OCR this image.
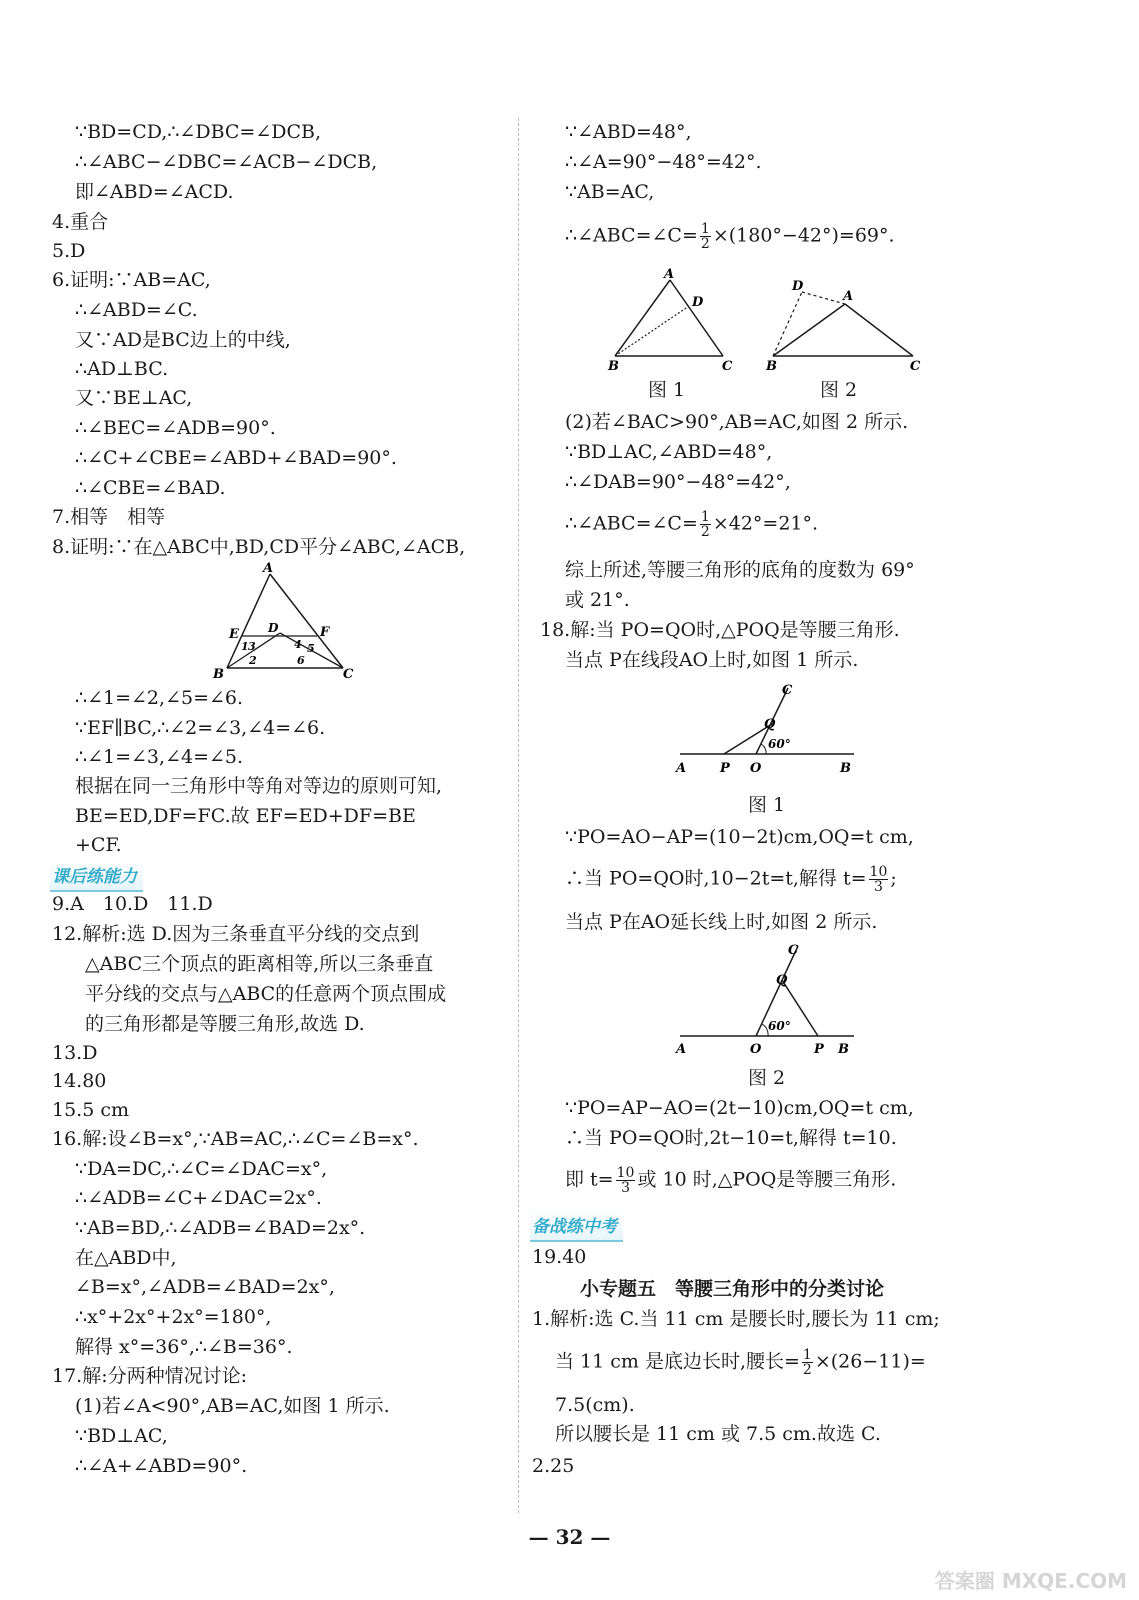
∵BD=CD,∴∠DBC=∠DCB,
∴∠ABC−∠DBC=∠ACB−∠DCB,
即∠ABD=∠ACD.
4.重合
5.D
6.证明:∵AB=AC,
∴∠ABD=∠C.
又∵AD是BC边上的中线,
∴AD⊥BC.
又∵BE⊥AC,
∴∠BEC=∠ADB=90°.
∴∠C+∠CBE=∠ABD+∠BAD=90°.
∴∠CBE=∠BAD.
7.相等　相等
8.证明:∵在△ABC中,BD,CD平分∠ABC,∠ACB,
A
B	C
E	F
D
1 3
2
4 5
6
∴∠1=∠2,∠5=∠6.
∵EF∥BC,∴∠2=∠3,∠4=∠6.
∴∠1=∠3,∠4=∠5.
根据在同一三角形中等角对等边的原则可知,
BE=ED,DF=FC.故 EF=ED+DF=BE
+CF.
课后练能力
9.A　10.D　11.D
12.解析:选 D.因为三条垂直平分线的交点到
△ABC三个顶点的距离相等,所以三条垂直
平分线的交点与△ABC的任意两个顶点围成
的三角形都是等腰三角形,故选 D.
13.D
14.80
15.5 cm
16.解:设∠B=x°,∵AB=AC,∴∠C=∠B=x°.
∵DA=DC,∴∠C=∠DAC=x°,
∴∠ADB=∠C+∠DAC=2x°.
∵AB=BD,∴∠ADB=∠BAD=2x°.
在△ABD中,
∠B=x°,∠ADB=∠BAD=2x°,
∴x°+2x°+2x°=180°,
解得 x°=36°,∴∠B=36°.
17.解:分两种情况讨论:
(1)若∠A<90°,AB=AC,如图 1 所示.
∵BD⊥AC,
∴∠A+∠ABD=90°.
∵∠ABD=48°,
∴∠A=90°−48°=42°.
∵AB=AC,
∴∠ABC=∠C= $\frac{1}{2} \times(180^\circ-42^\circ)=69^\circ$.
A
D
B	C
D
A
B	C
图 1	图 2
(2)若∠BAC>90°,AB=AC,如图 2 所示.
∵BD⊥AC,∠ABD=48°,
∴∠DAB=90°−48°=42°,
∴∠ABC=∠C= $\frac{1}{2} \times 42^\circ=21^\circ$.
综上所述,等腰三角形的底角的度数为 69°
或 21°.
18.解:当 PO=QO时,△POQ是等腰三角形.
当点 P在线段AO上时,如图 1 所示.
C
Q
60°
A	P O	B
图 1
∵PO=AO−AP=(10−2t)cm,OQ=t cm,
∴当 PO=QO时,10−2t=t,解得 $t= \frac{10}{3}$ ;
当点 P在AO延长线上时,如图 2 所示.
C
Q
60°
A	O	P B
图 2
∵PO=AP−AO=(2t−10)cm,OQ=t cm,
∴当 PO=QO时,2t−10=t,解得 t=10.
即 $t= \frac{10}{3}$ 或 10 时,△POQ是等腰三角形.
备战练中考
19.40
小专题五　等腰三角形中的分类讨论
1.解析:选 C.当 11 cm 是腰长时,腰长为 11 cm;
当 11 cm 是底边长时,腰长= $\frac{1}{2} \times(26-11)=$
7.5(cm).
所以腰长是 11 cm 或 7.5 cm.故选 C.
2.25
— 32 —
答案圈 MXQE.COM
